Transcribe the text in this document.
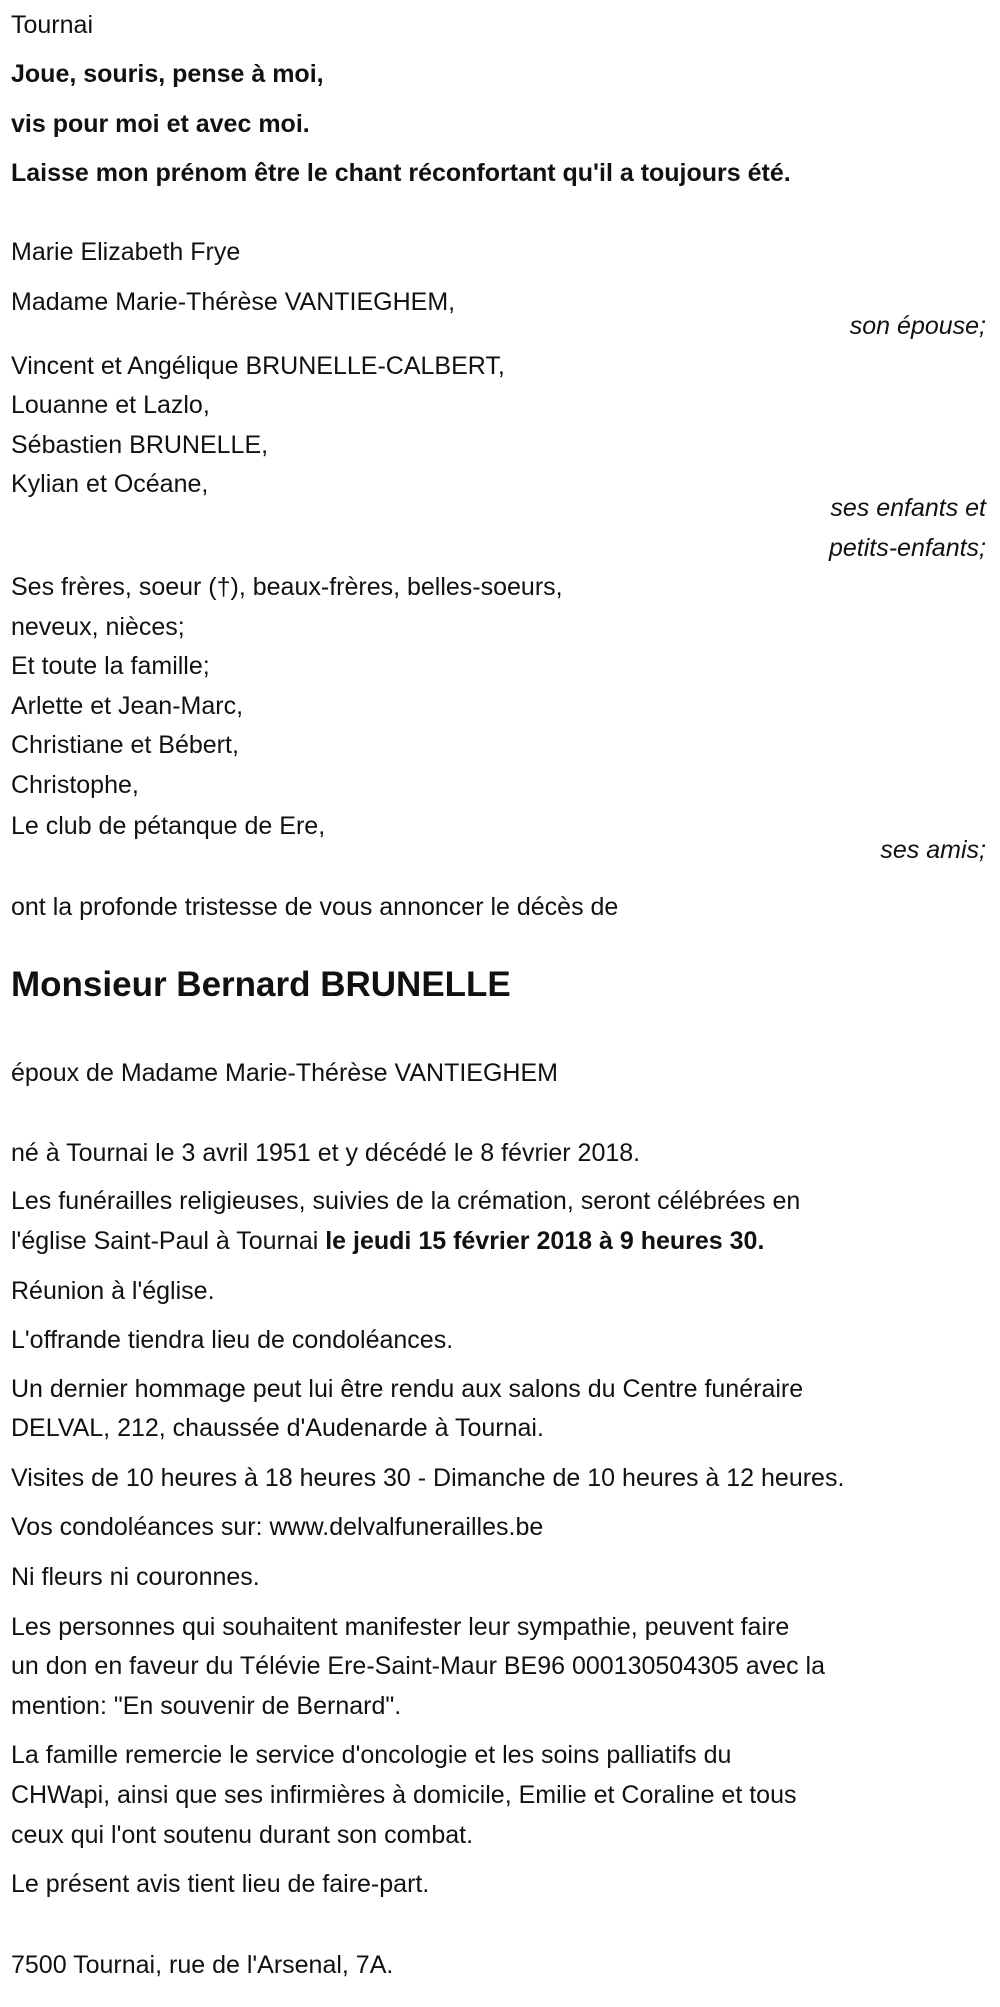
Tournai
Joue, souris, pense à moi,
vis pour moi et avec moi.
Laisse mon prénom être le chant réconfortant qu'il a toujours été.
Marie Elizabeth Frye
Madame Marie-Thérèse VANTIEGHEM,
son épouse;
Vincent et Angélique BRUNELLE-CALBERT,
Louanne et Lazlo,
Sébastien BRUNELLE,
Kylian et Océane,
ses enfants et
petits-enfants;
Ses frères, soeur (†), beaux-frères, belles-soeurs,
neveux, nièces;
Et toute la famille;
Arlette et Jean-Marc,
Christiane et Bébert,
Christophe,
Le club de pétanque de Ere,
ses amis;
ont la profonde tristesse de vous annoncer le décès de
Monsieur Bernard BRUNELLE
époux de Madame Marie-Thérèse VANTIEGHEM
né à Tournai le 3 avril 1951 et y décédé le 8 février 2018.
Les funérailles religieuses, suivies de la crémation, seront célébrées en
l'église Saint-Paul à Tournai le jeudi 15 février 2018 à 9 heures 30.
Réunion à l'église.
L'offrande tiendra lieu de condoléances.
Un dernier hommage peut lui être rendu aux salons du Centre funéraire
DELVAL, 212, chaussée d'Audenarde à Tournai.
Visites de 10 heures à 18 heures 30 - Dimanche de 10 heures à 12 heures.
Vos condoléances sur: www.delvalfunerailles.be
Ni fleurs ni couronnes.
Les personnes qui souhaitent manifester leur sympathie, peuvent faire
un don en faveur du Télévie Ere-Saint-Maur BE96 000130504305 avec la
mention: "En souvenir de Bernard".
La famille remercie le service d'oncologie et les soins palliatifs du
CHWapi, ainsi que ses infirmières à domicile, Emilie et Coraline et tous
ceux qui l'ont soutenu durant son combat.
Le présent avis tient lieu de faire-part.
7500 Tournai, rue de l'Arsenal, 7A.
